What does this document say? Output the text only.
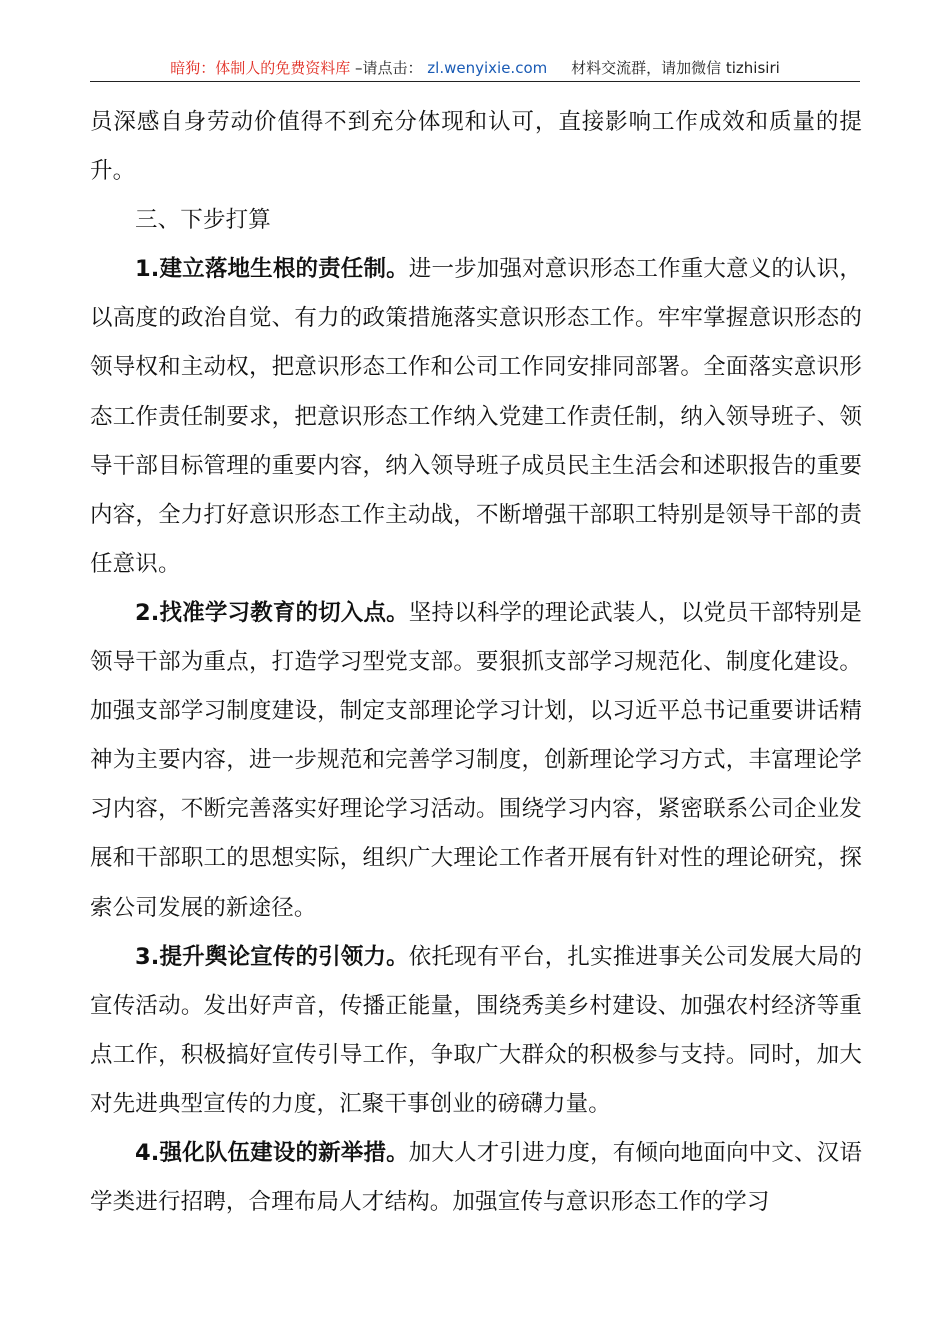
暗狗：体制人的免费资料库 –请点击： zl.wenyixie.com 材料交流群，请加微信 tizhisiri

员深感自身劳动价值得不到充分体现和认可，直接影响工作成效和质量的提升。

三、下步打算

1.建立落地生根的责任制。进一步加强对意识形态工作重大意义的认识，以高度的政治自觉、有力的政策措施落实意识形态工作。牢牢掌握意识形态的领导权和主动权，把意识形态工作和公司工作同安排同部署。全面落实意识形态工作责任制要求，把意识形态工作纳入党建工作责任制，纳入领导班子、领导干部目标管理的重要内容，纳入领导班子成员民主生活会和述职报告的重要内容，全力打好意识形态工作主动战，不断增强干部职工特别是领导干部的责任意识。

2.找准学习教育的切入点。坚持以科学的理论武装人，以党员干部特别是领导干部为重点，打造学习型党支部。要狠抓支部学习规范化、制度化建设。加强支部学习制度建设，制定支部理论学习计划，以习近平总书记重要讲话精神为主要内容，进一步规范和完善学习制度，创新理论学习方式，丰富理论学习内容，不断完善落实好理论学习活动。围绕学习内容，紧密联系公司企业发展和干部职工的思想实际，组织广大理论工作者开展有针对性的理论研究，探索公司发展的新途径。

3.提升舆论宣传的引领力。依托现有平台，扎实推进事关公司发展大局的宣传活动。发出好声音，传播正能量，围绕秀美乡村建设、加强农村经济等重点工作，积极搞好宣传引导工作，争取广大群众的积极参与支持。同时，加大对先进典型宣传的力度，汇聚干事创业的磅礴力量。

4.强化队伍建设的新举措。加大人才引进力度，有倾向地面向中文、汉语学类进行招聘，合理布局人才结构。加强宣传与意识形态工作的学习
